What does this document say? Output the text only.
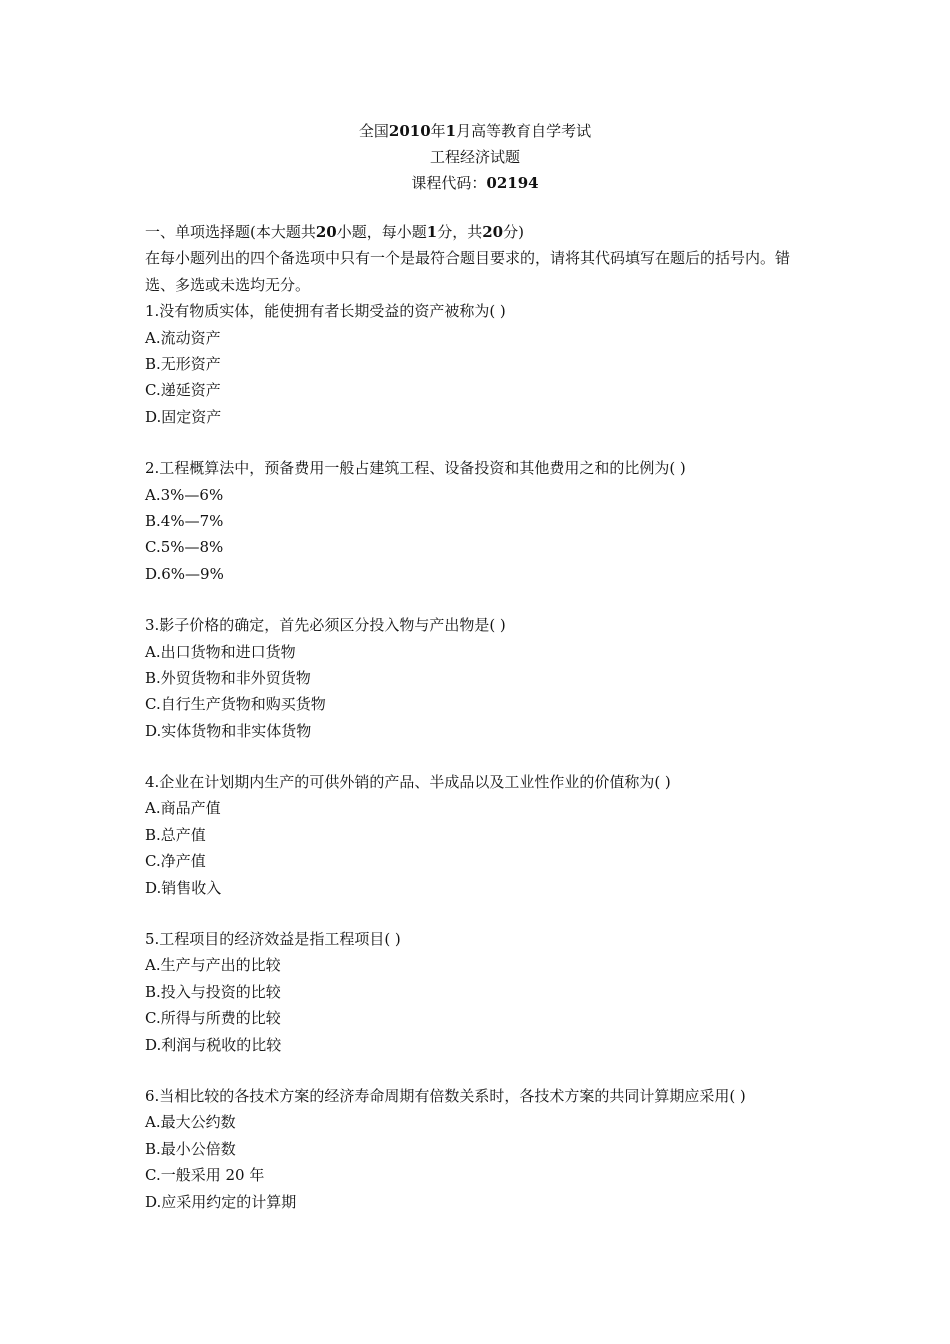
全国2010年1月高等教育自学考试
工程经济试题
课程代码：02194
一、单项选择题(本大题共20小题，每小题1分，共20分)
在每小题列出的四个备选项中只有一个是最符合题目要求的，请将其代码填写在题后的括号内。错选、多选或未选均无分。
1.没有物质实体，能使拥有者长期受益的资产被称为( )
A.流动资产
B.无形资产
C.递延资产
D.固定资产
2.工程概算法中，预备费用一般占建筑工程、设备投资和其他费用之和的比例为( )
A.3%—6%
B.4%—7%
C.5%—8%
D.6%—9%
3.影子价格的确定，首先必须区分投入物与产出物是( )
A.出口货物和进口货物
B.外贸货物和非外贸货物
C.自行生产货物和购买货物
D.实体货物和非实体货物
4.企业在计划期内生产的可供外销的产品、半成品以及工业性作业的价值称为( )
A.商品产值
B.总产值
C.净产值
D.销售收入
5.工程项目的经济效益是指工程项目( )
A.生产与产出的比较
B.投入与投资的比较
C.所得与所费的比较
D.利润与税收的比较
6.当相比较的各技术方案的经济寿命周期有倍数关系时，各技术方案的共同计算期应采用( )
A.最大公约数
B.最小公倍数
C.一般采用 20 年
D.应采用约定的计算期
